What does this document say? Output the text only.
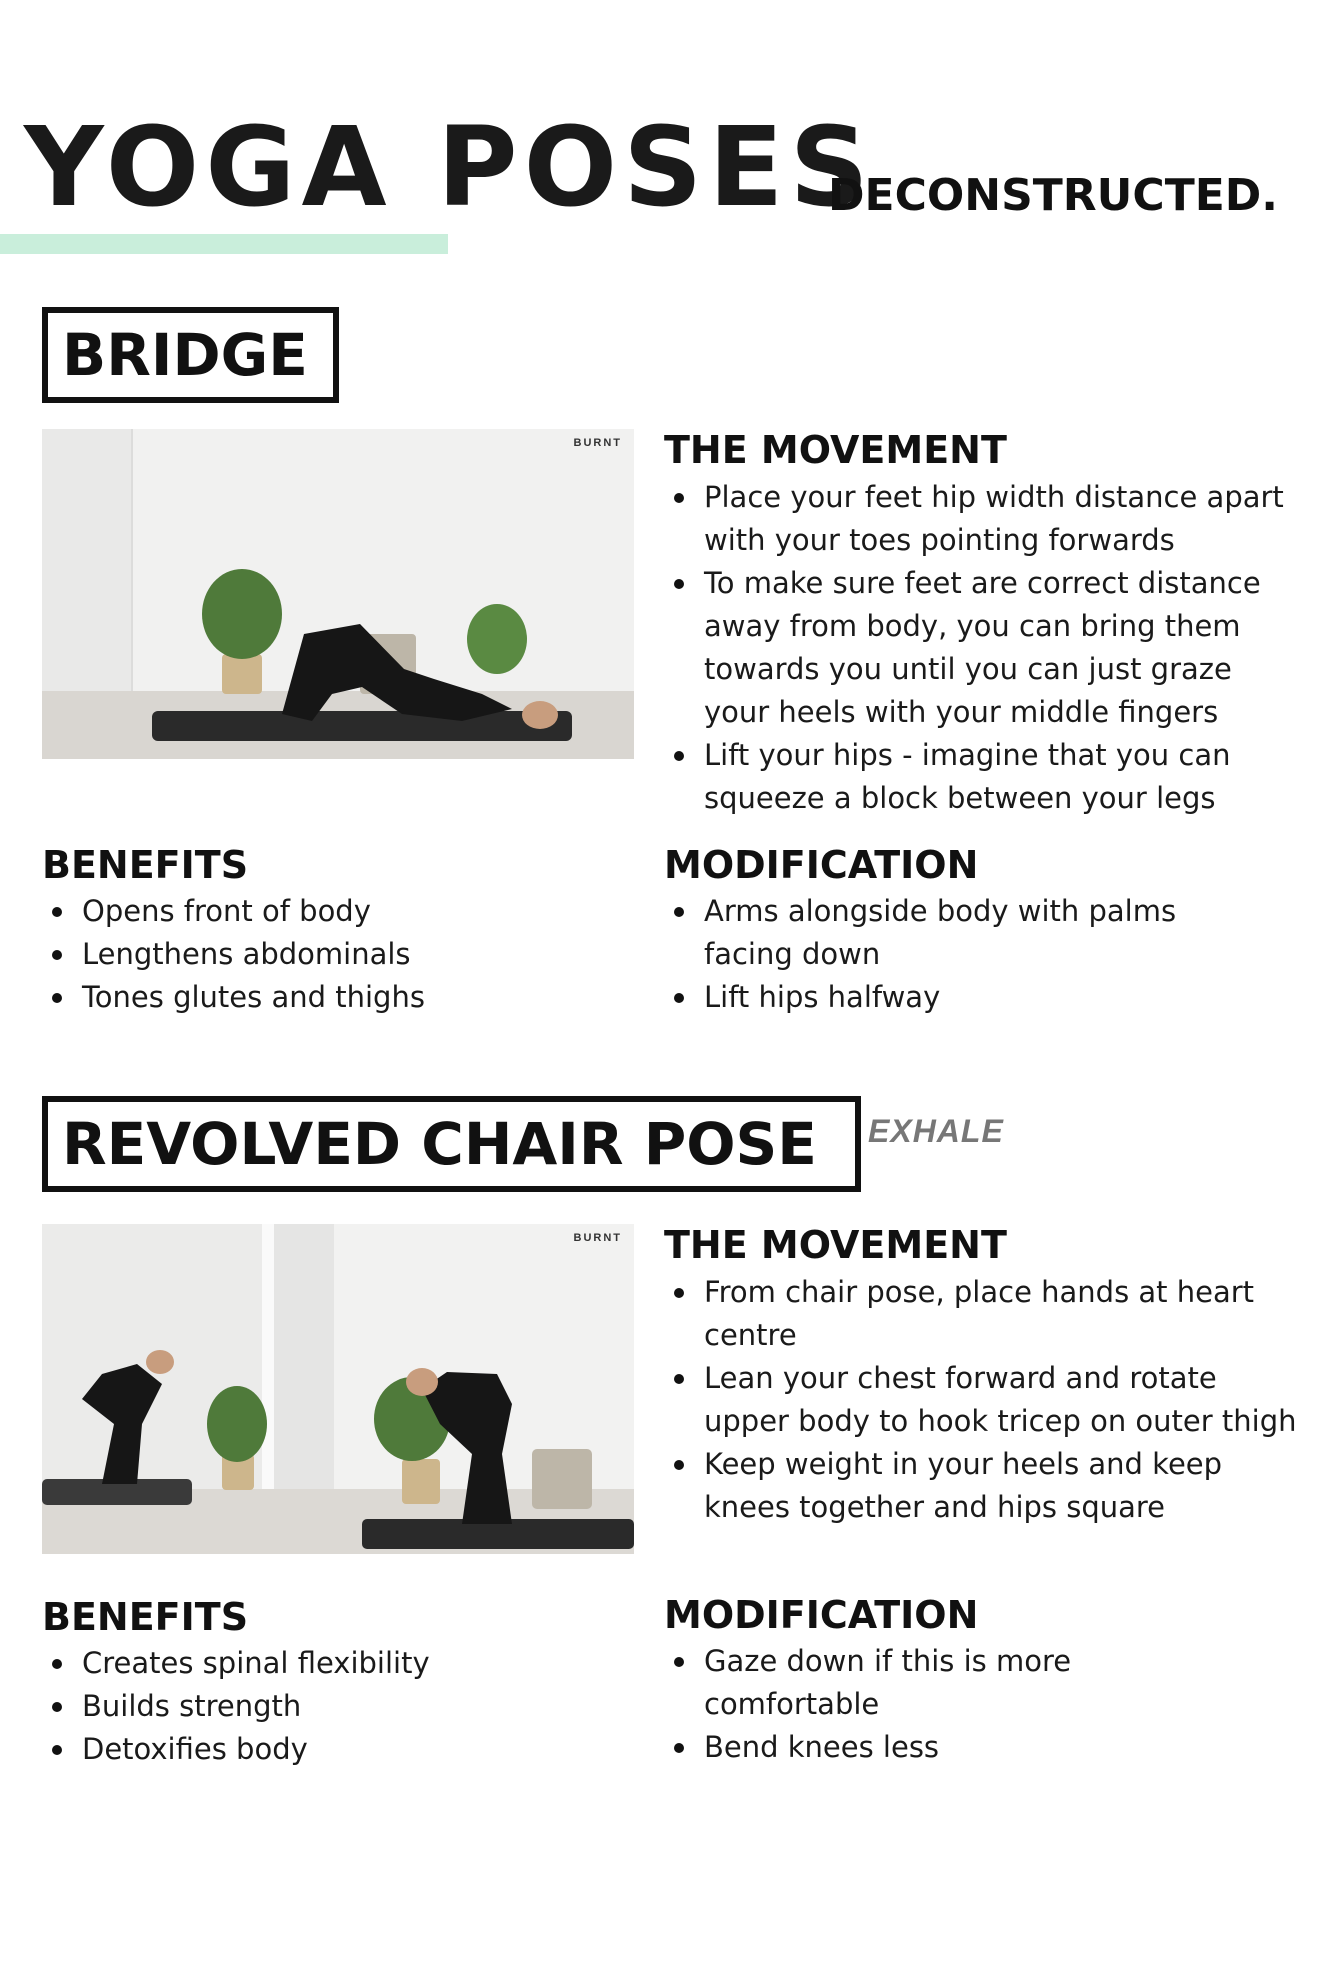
YOGA POSES
DECONSTRUCTED.
BRIDGE
BURNT THE MOVEMENT
Place your feet hip width distance apart with your toes pointing forwards
To make sure feet are correct distance away from body, you can bring them towards you until you can just graze your heels with your middle fingers
Lift your hips - imagine that you can squeeze a block between your legs
BENEFITS
Opens front of body
Lengthens abdominals
Tones glutes and thighs
MODIFICATION
Arms alongside body with palms facing down
Lift hips halfway
REVOLVED CHAIR POSE EXHALE
BURNT THE MOVEMENT
From chair pose, place hands at heart centre
Lean your chest forward and rotate upper body to hook tricep on outer thigh
Keep weight in your heels and keep knees together and hips square
BENEFITS
Creates spinal flexibility
Builds strength
Detoxifies body
MODIFICATION
Gaze down if this is more comfortable
Bend knees less
